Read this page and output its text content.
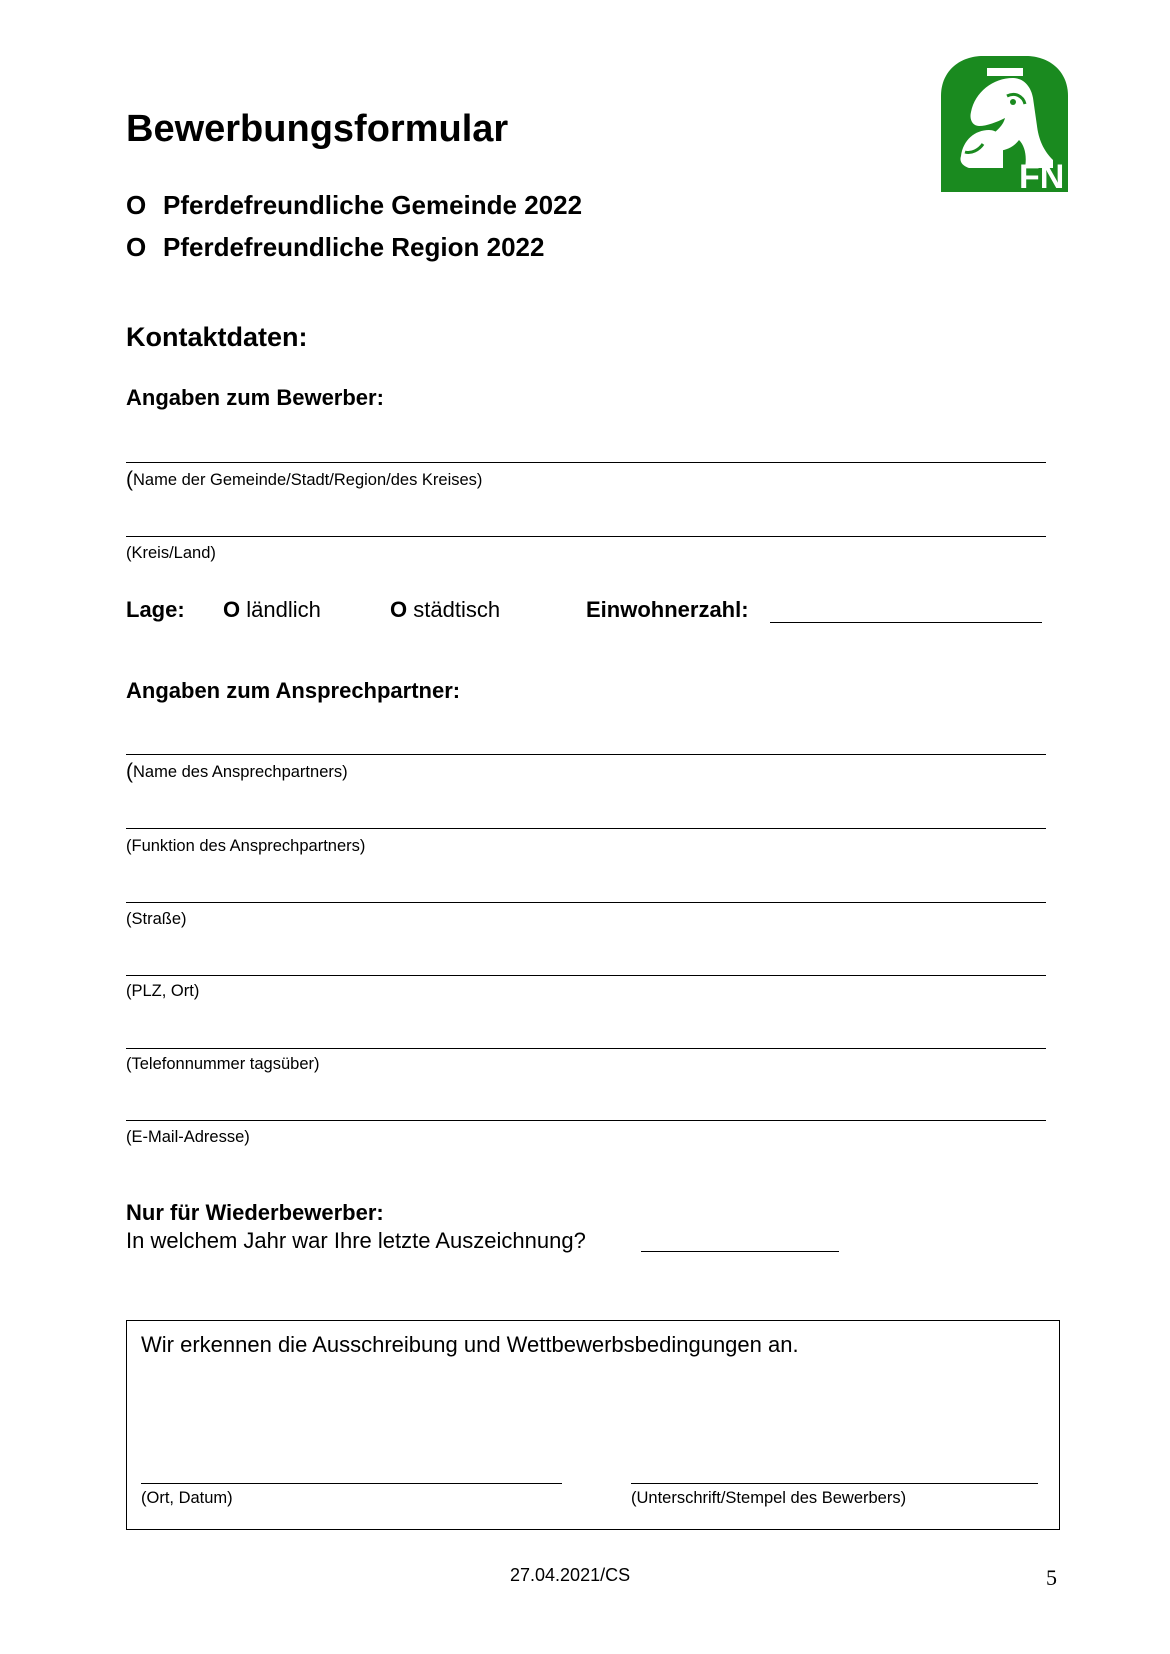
Bewerbungsformular
FN
O Pferdefreundliche Gemeinde 2022
O Pferdefreundliche Region 2022
Kontaktdaten:
Angaben zum Bewerber:
(Name der Gemeinde/Stadt/Region/des Kreises)
(Kreis/Land)
Lage: O ländlich	O städtisch	Einwohnerzahl:
Angaben zum Ansprechpartner:
(Name des Ansprechpartners)
(Funktion des Ansprechpartners)
(Straße)
(PLZ, Ort)
(Telefonnummer tagsüber)
(E-Mail-Adresse)
Nur für Wiederbewerber:
In welchem Jahr war Ihre letzte Auszeichnung?
Wir erkennen die Ausschreibung und Wettbewerbsbedingungen an.
(Ort, Datum)	(Unterschrift/Stempel des Bewerbers)
27.04.2021/CS	5
